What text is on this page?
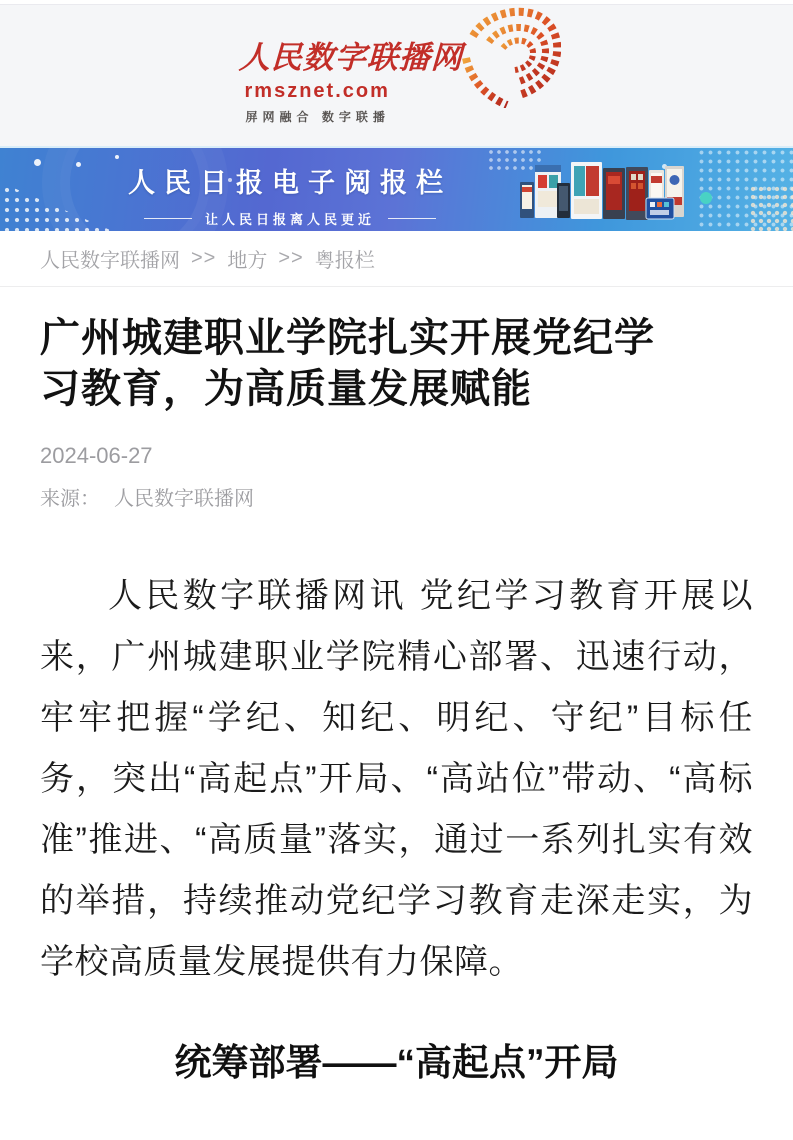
人民数字联播网
rmsznet.com
屏网融合 数字联播
人民日报电子阅报栏
让人民日报离人民更近
人民数字联播网 >> 地方 >> 粤报栏
广州城建职业学院扎实开展党纪学习教育，为高质量发展赋能
2024-06-27
来源： 人民数字联播网

人民数字联播网讯 党纪学习教育开展以来，广州城建职业学院精心部署、迅速行动，牢牢把握“学纪、知纪、明纪、守纪”目标任务，突出“高起点”开局、“高站位”带动、“高标准”推进、“高质量”落实，通过一系列扎实有效的举措，持续推动党纪学习教育走深走实，为学校高质量发展提供有力保障。

统筹部署——“高起点”开局
